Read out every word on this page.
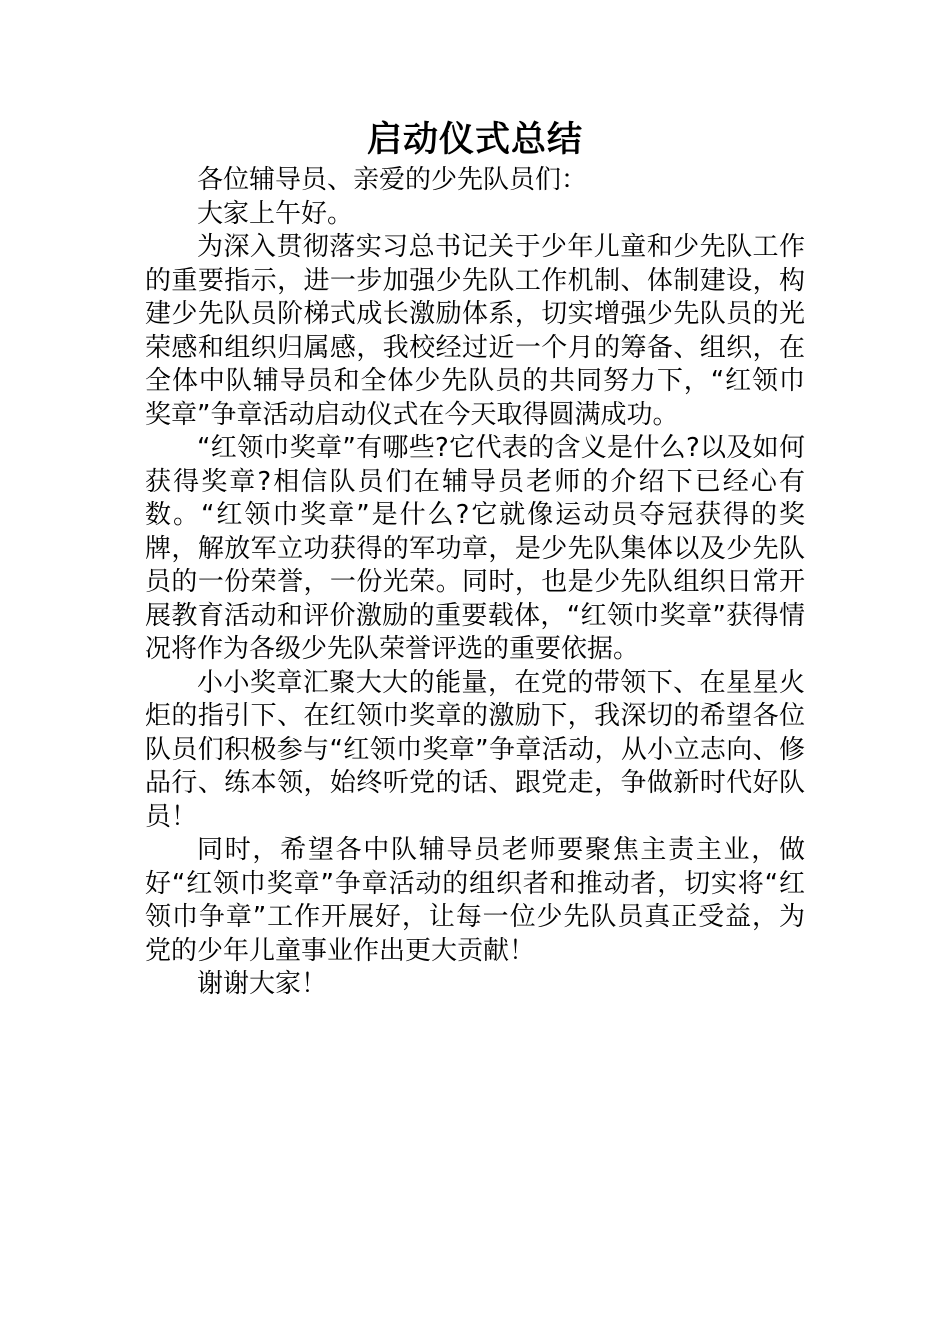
启动仪式总结

各位辅导员、亲爱的少先队员们：

大家上午好。

为深入贯彻落实习总书记关于少年儿童和少先队工作的重要指示，进一步加强少先队工作机制、体制建设，构建少先队员阶梯式成长激励体系，切实增强少先队员的光荣感和组织归属感，我校经过近一个月的筹备、组织，在全体中队辅导员和全体少先队员的共同努力下，“红领巾奖章”争章活动启动仪式在今天取得圆满成功。

“红领巾奖章”有哪些?它代表的含义是什么?以及如何获得奖章?相信队员们在辅导员老师的介绍下已经心有数。“红领巾奖章”是什么?它就像运动员夺冠获得的奖牌，解放军立功获得的军功章，是少先队集体以及少先队员的一份荣誉，一份光荣。同时，也是少先队组织日常开展教育活动和评价激励的重要载体，“红领巾奖章”获得情况将作为各级少先队荣誉评选的重要依据。

小小奖章汇聚大大的能量，在党的带领下、在星星火炬的指引下、在红领巾奖章的激励下，我深切的希望各位队员们积极参与“红领巾奖章”争章活动，从小立志向、修品行、练本领，始终听党的话、跟党走，争做新时代好队员！

同时，希望各中队辅导员老师要聚焦主责主业，做好“红领巾奖章”争章活动的组织者和推动者，切实将“红领巾争章”工作开展好，让每一位少先队员真正受益，为党的少年儿童事业作出更大贡献！

谢谢大家！
